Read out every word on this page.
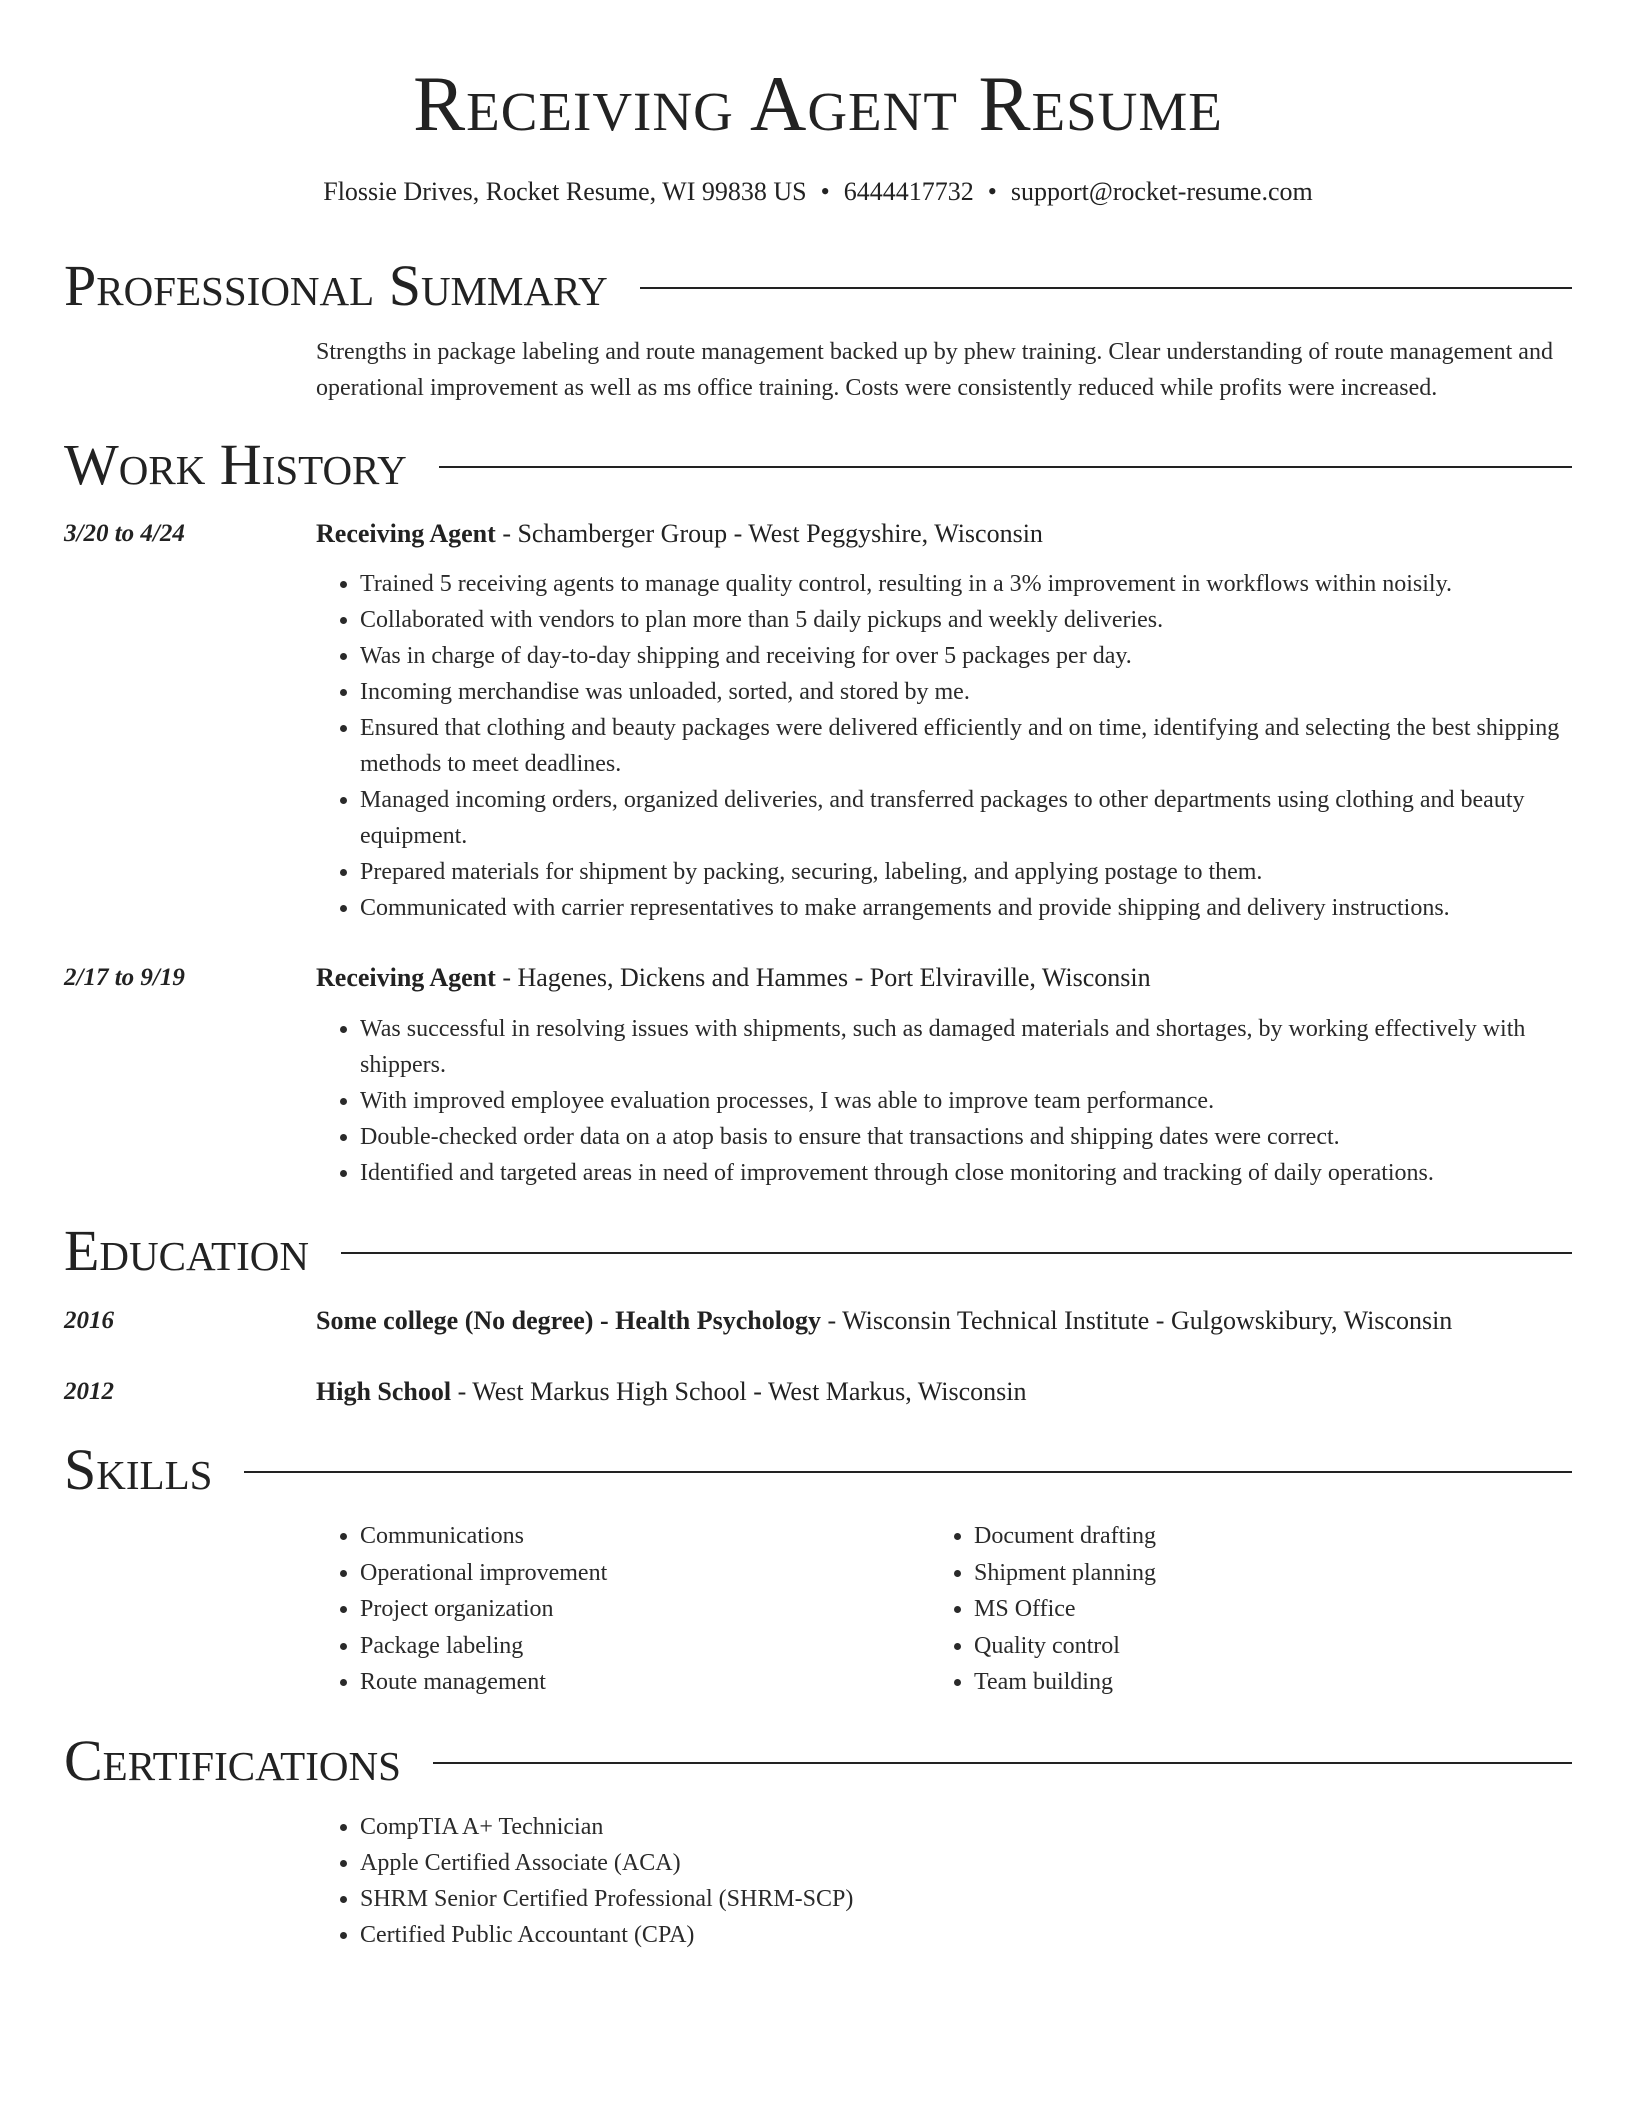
Receiving Agent Resume
Flossie Drives, Rocket Resume, WI 99838 US • 6444417732 • support@rocket-resume.com
Professional Summary
Strengths in package labeling and route management backed up by phew training. Clear understanding of route management and operational improvement as well as ms office training. Costs were consistently reduced while profits were increased.
Work History
3/20 to 4/24	Receiving Agent - Schamberger Group - West Peggyshire, Wisconsin
• Trained 5 receiving agents to manage quality control, resulting in a 3% improvement in workflows within noisily.
• Collaborated with vendors to plan more than 5 daily pickups and weekly deliveries.
• Was in charge of day-to-day shipping and receiving for over 5 packages per day.
• Incoming merchandise was unloaded, sorted, and stored by me.
• Ensured that clothing and beauty packages were delivered efficiently and on time, identifying and selecting the best shipping methods to meet deadlines.
• Managed incoming orders, organized deliveries, and transferred packages to other departments using clothing and beauty equipment.
• Prepared materials for shipment by packing, securing, labeling, and applying postage to them.
• Communicated with carrier representatives to make arrangements and provide shipping and delivery instructions.
2/17 to 9/19	Receiving Agent - Hagenes, Dickens and Hammes - Port Elviraville, Wisconsin
• Was successful in resolving issues with shipments, such as damaged materials and shortages, by working effectively with shippers.
• With improved employee evaluation processes, I was able to improve team performance.
• Double-checked order data on a atop basis to ensure that transactions and shipping dates were correct.
• Identified and targeted areas in need of improvement through close monitoring and tracking of daily operations.
Education
2016	Some college (No degree) - Health Psychology - Wisconsin Technical Institute - Gulgowskibury, Wisconsin
2012	High School - West Markus High School - West Markus, Wisconsin
Skills
• Communications
• Operational improvement
• Project organization
• Package labeling
• Route management
• Document drafting
• Shipment planning
• MS Office
• Quality control
• Team building
Certifications
• CompTIA A+ Technician
• Apple Certified Associate (ACA)
• SHRM Senior Certified Professional (SHRM-SCP)
• Certified Public Accountant (CPA)
